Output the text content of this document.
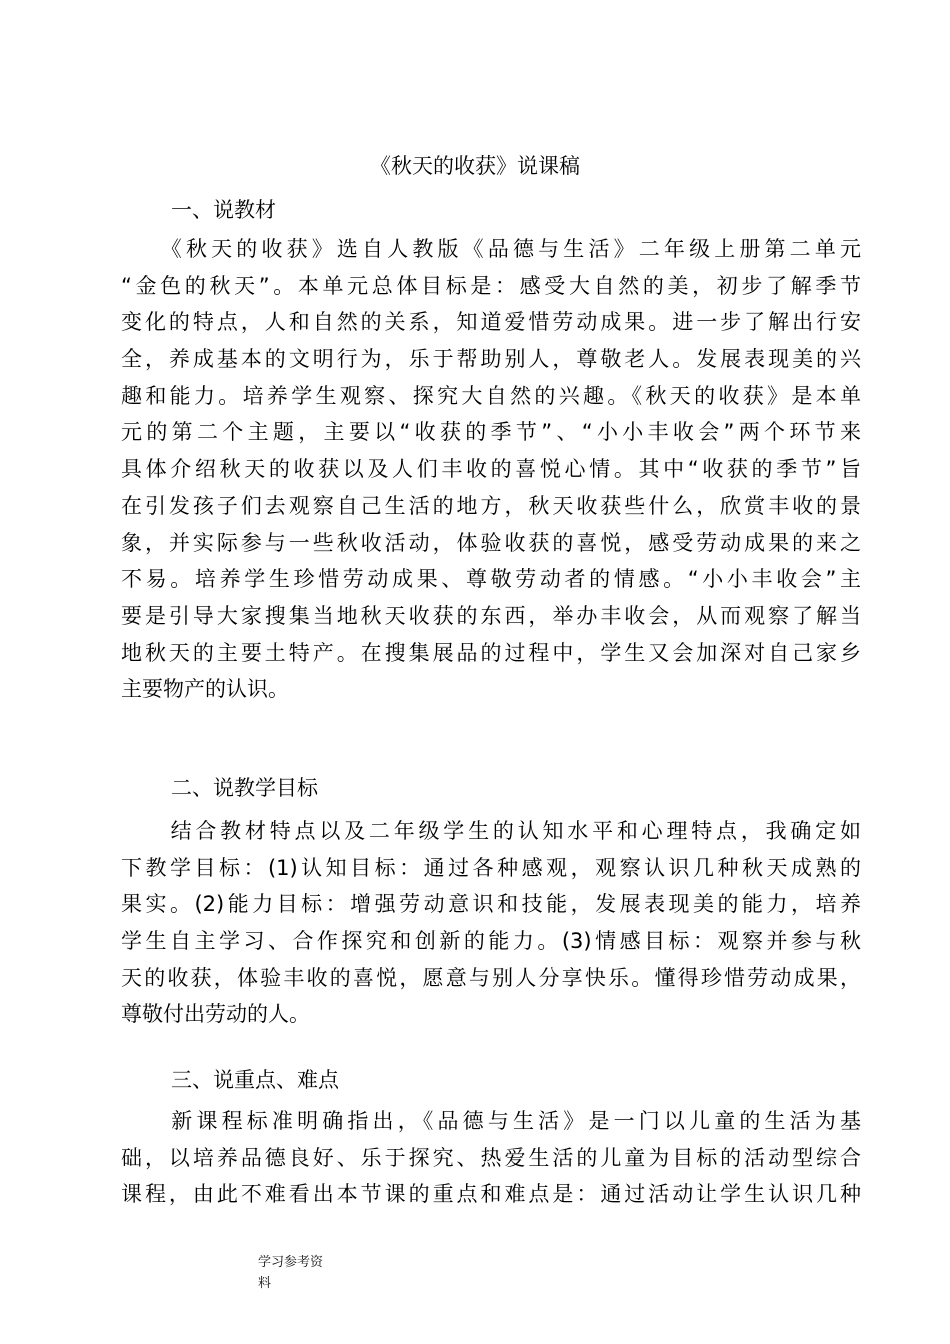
《秋天的收获》说课稿
一、说教材
　　《秋天的收获》选自人教版《品德与生活》二年级上册第二单元
“金色的秋天”。本单元总体目标是：感受大自然的美，初步了解季节
变化的特点，人和自然的关系，知道爱惜劳动成果。进一步了解出行安
全，养成基本的文明行为，乐于帮助别人，尊敬老人。发展表现美的兴
趣和能力。培养学生观察、探究大自然的兴趣。《秋天的收获》是本单
元的第二个主题，主要以“收获的季节”、“小小丰收会”两个环节来
具体介绍秋天的收获以及人们丰收的喜悦心情。其中“收获的季节”旨
在引发孩子们去观察自己生活的地方，秋天收获些什么，欣赏丰收的景
象，并实际参与一些秋收活动，体验收获的喜悦，感受劳动成果的来之
不易。培养学生珍惜劳动成果、尊敬劳动者的情感。“小小丰收会”主
要是引导大家搜集当地秋天收获的东西，举办丰收会，从而观察了解当
地秋天的主要土特产。在搜集展品的过程中，学生又会加深对自己家乡
主要物产的认识。
二、说教学目标
　　结合教材特点以及二年级学生的认知水平和心理特点，我确定如
下教学目标：(1)认知目标：通过各种感观，观察认识几种秋天成熟的
果实。(2)能力目标：增强劳动意识和技能，发展表现美的能力，培养
学生自主学习、合作探究和创新的能力。(3)情感目标：观察并参与秋
天的收获，体验丰收的喜悦，愿意与别人分享快乐。懂得珍惜劳动成果，
尊敬付出劳动的人。
三、说重点、难点
　　新课程标准明确指出，《品德与生活》是一门以儿童的生活为基
础，以培养品德良好、乐于探究、热爱生活的儿童为目标的活动型综合
课程，由此不难看出本节课的重点和难点是：通过活动让学生认识几种
学习参考资
料
